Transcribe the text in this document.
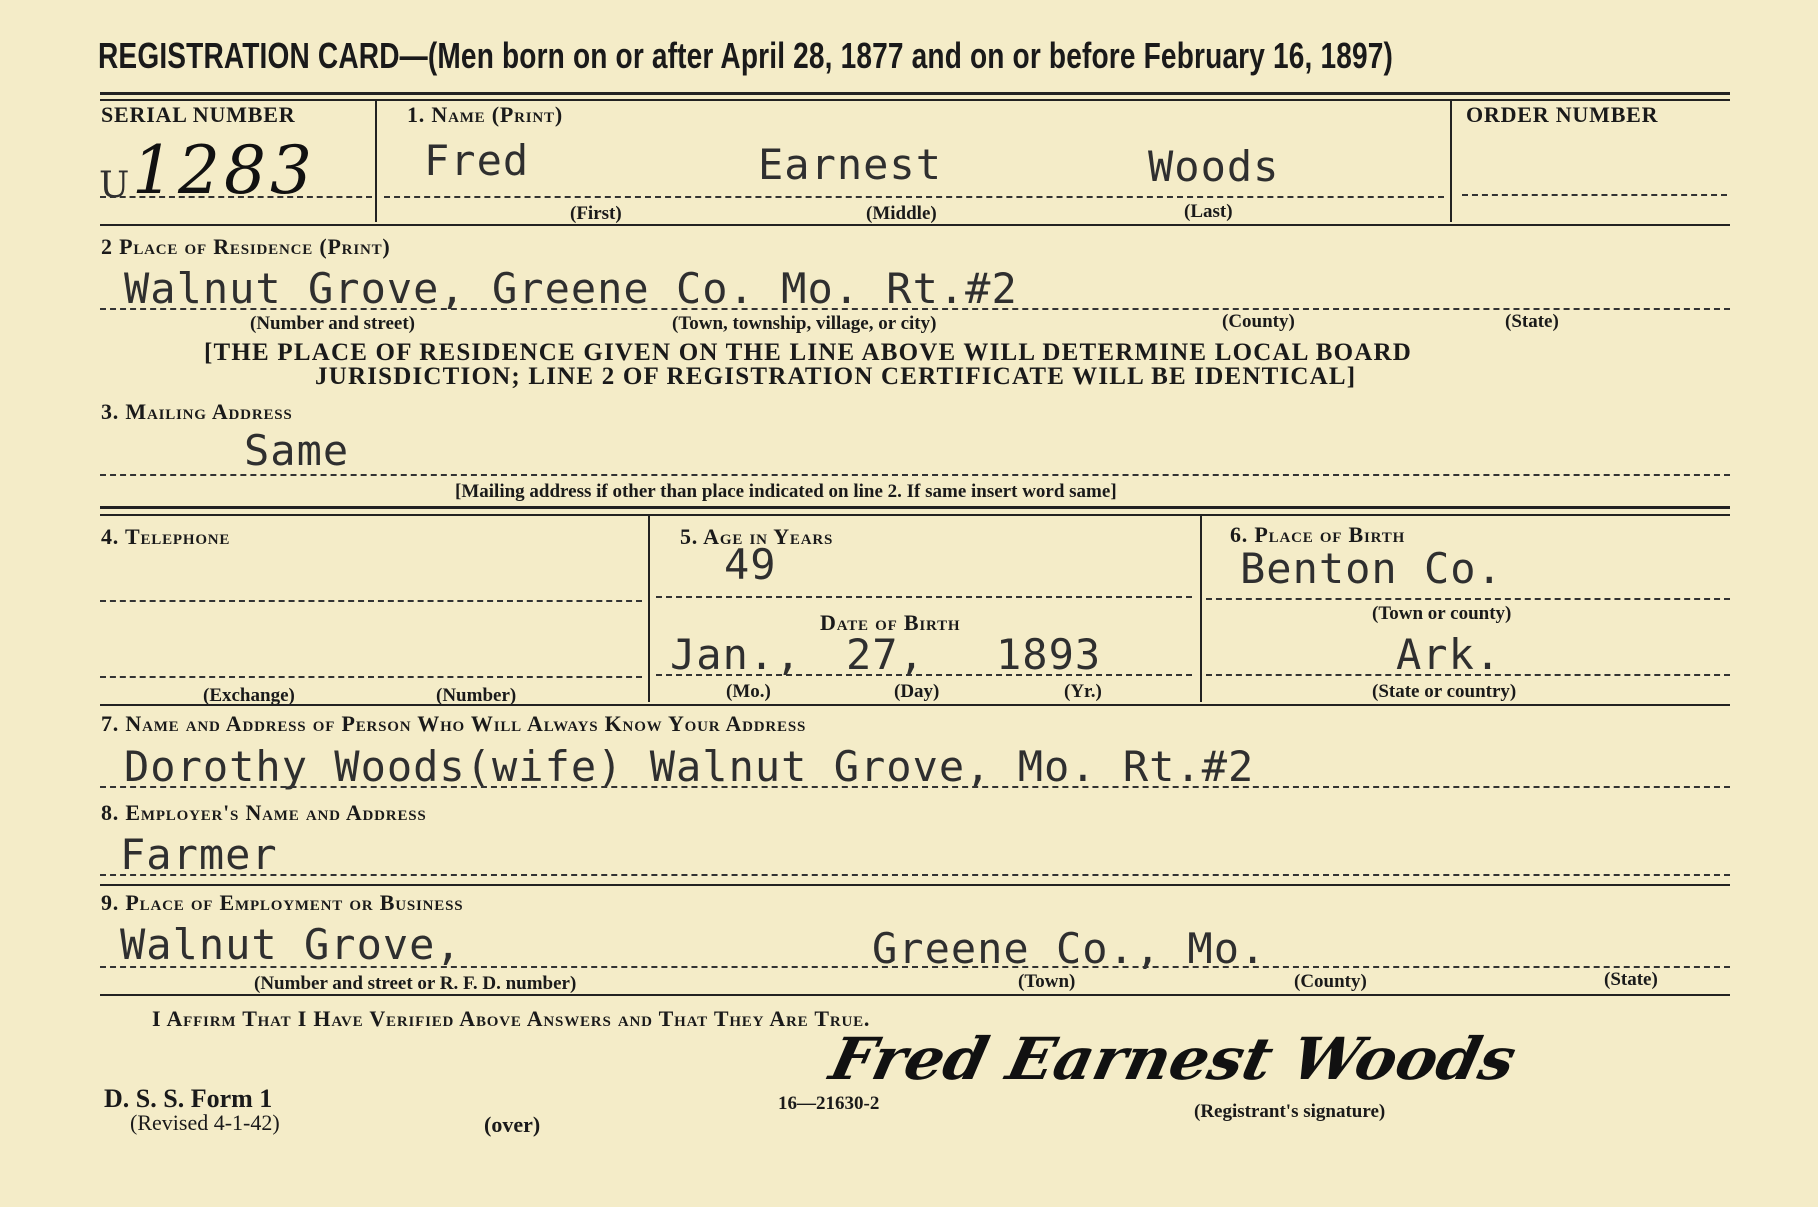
REGISTRATION CARD—(Men born on or after April 28, 1877 and on or before February 16, 1897)
SERIAL NUMBER
U 1283
1. Name (Print)
Fred	Earnest	Woods
(First)	(Middle)	(Last)
ORDER NUMBER
2 Place of Residence (Print)
Walnut Grove, Greene Co. Mo. Rt.#2
(Number and street)	(Town, township, village, or city)	(County)	(State)
[THE PLACE OF RESIDENCE GIVEN ON THE LINE ABOVE WILL DETERMINE LOCAL BOARD
JURISDICTION; LINE 2 OF REGISTRATION CERTIFICATE WILL BE IDENTICAL]
3. Mailing Address
Same
[Mailing address if other than place indicated on line 2. If same insert word same]
4. Telephone
(Exchange)	(Number)
5. Age in Years
49
Date of Birth
Jan., 27, 1893
(Mo.)	(Day)	(Yr.)
6. Place of Birth
Benton Co.
(Town or county)
Ark.
(State or country)
7. Name and Address of Person Who Will Always Know Your Address
Dorothy Woods(wife) Walnut Grove, Mo. Rt.#2
8. Employer's Name and Address
Farmer
9. Place of Employment or Business
Walnut Grove,	Greene Co., Mo.
(Number and street or R. F. D. number)	(Town)	(County)	(State)
I Affirm That I Have Verified Above Answers and That They Are True.
Fred Earnest Woods
(Registrant's signature)
D. S. S. Form 1
(Revised 4-1-42)	(over)
16—21630-2
